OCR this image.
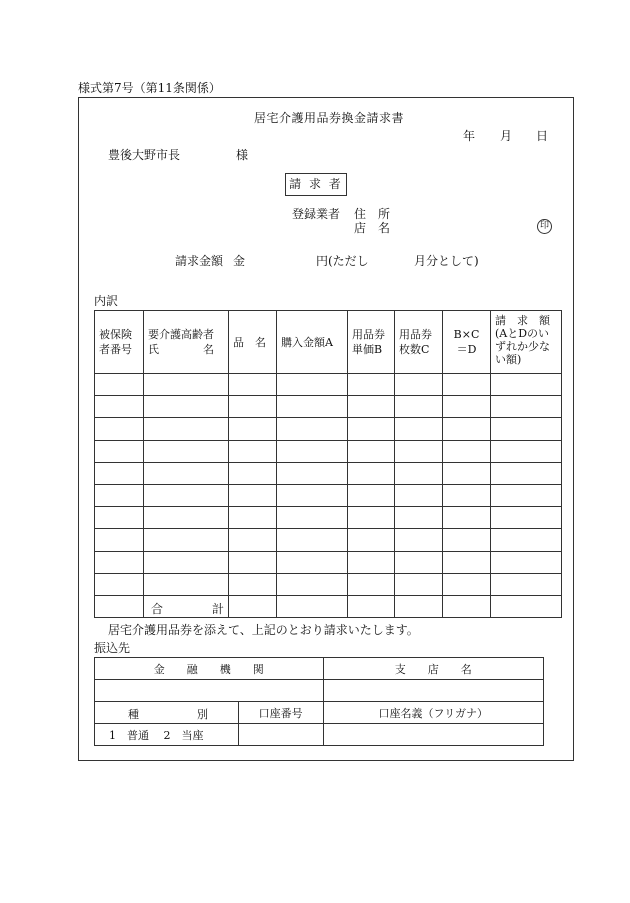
様式第7号（第11条関係）
居宅介護用品券換金請求書
年 月 日
豊後大野市長	様
請 求 者
登録業者 住　所
店　名	印
請求金額 金	円(ただし	月分として)
内訳
被保険者番号	要介護高齢者氏　　　　名	品　名	購入金額A	用品券単価B	用品券枚数C	B×C＝D	請　求　額(AとDのいずれか少ない額)

	合 計						

居宅介護用品券を添えて、上記のとおり請求いたします。
振込先
金　　融　　機　　関		支　　店　　名

種 別	口座番号	口座名義（フリガナ）
1　普通　 2　当座		
